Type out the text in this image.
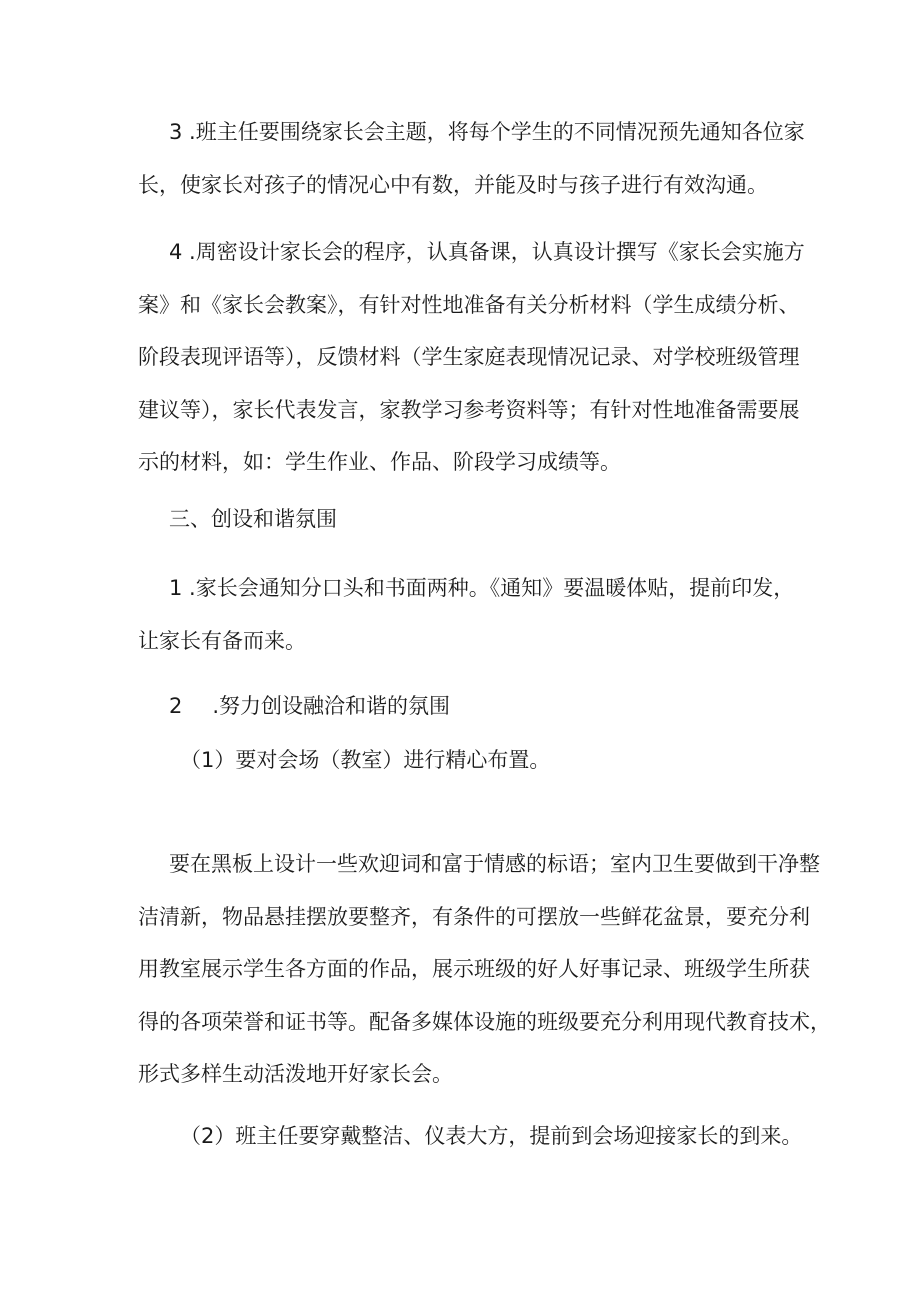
3 .班主任要围绕家长会主题，将每个学生的不同情况预先通知各位家
长，使家长对孩子的情况心中有数，并能及时与孩子进行有效沟通。
4 .周密设计家长会的程序，认真备课，认真设计撰写《家长会实施方
案》和《家长会教案》，有针对性地准备有关分析材料（学生成绩分析、
阶段表现评语等），反馈材料（学生家庭表现情况记录、对学校班级管理
建议等），家长代表发言，家教学习参考资料等；有针对性地准备需要展
示的材料，如：学生作业、作品、阶段学习成绩等。
三、创设和谐氛围
1 .家长会通知分口头和书面两种。《通知》要温暖体贴，提前印发，
让家长有备而来。
2 .努力创设融洽和谐的氛围
（1）要对会场（教室）进行精心布置。
要在黑板上设计一些欢迎词和富于情感的标语；室内卫生要做到干净整
洁清新，物品悬挂摆放要整齐，有条件的可摆放一些鲜花盆景，要充分利
用教室展示学生各方面的作品，展示班级的好人好事记录、班级学生所获
得的各项荣誉和证书等。配备多媒体设施的班级要充分利用现代教育技术，
形式多样生动活泼地开好家长会。
（2）班主任要穿戴整洁、仪表大方，提前到会场迎接家长的到来。
